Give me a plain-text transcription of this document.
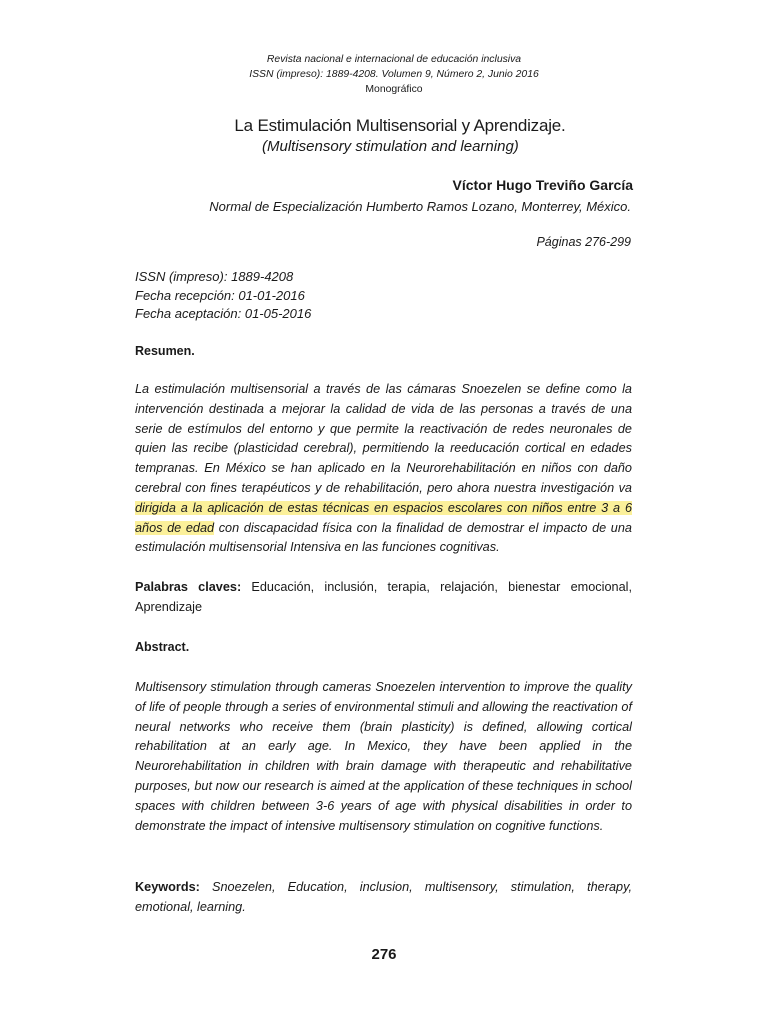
Revista nacional e internacional de educación inclusiva
ISSN (impreso): 1889-4208. Volumen 9, Número 2, Junio 2016
Monográfico
La Estimulación Multisensorial y Aprendizaje.
(Multisensory stimulation and learning)
Víctor Hugo Treviño García
Normal de Especialización Humberto Ramos Lozano, Monterrey, México.
Páginas 276-299
ISSN (impreso): 1889-4208
Fecha recepción: 01-01-2016
Fecha aceptación: 01-05-2016
Resumen.
La estimulación multisensorial a través de las cámaras Snoezelen se define como la intervención destinada a mejorar la calidad de vida de las personas a través de una serie de estímulos del entorno y que permite la reactivación de redes neuronales de quien las recibe (plasticidad cerebral), permitiendo la reeducación cortical en edades tempranas. En México se han aplicado en la Neurorehabilitación en niños con daño cerebral con fines terapéuticos y de rehabilitación, pero ahora nuestra investigación va dirigida a la aplicación de estas técnicas en espacios escolares con niños entre 3 a 6 años de edad con discapacidad física con la finalidad de demostrar el impacto de una estimulación multisensorial Intensiva en las funciones cognitivas.
Palabras claves: Educación, inclusión, terapia, relajación, bienestar emocional, Aprendizaje
Abstract.
Multisensory stimulation through cameras Snoezelen intervention to improve the quality of life of people through a series of environmental stimuli and allowing the reactivation of neural networks who receive them (brain plasticity) is defined, allowing cortical rehabilitation at an early age. In Mexico, they have been applied in the Neurorehabilitation in children with brain damage with therapeutic and rehabilitative purposes, but now our research is aimed at the application of these techniques in school spaces with children between 3-6 years of age with physical disabilities in order to demonstrate the impact of intensive multisensory stimulation on cognitive functions.
Keywords: Snoezelen, Education, inclusion, multisensory, stimulation, therapy, emotional, learning.
276
